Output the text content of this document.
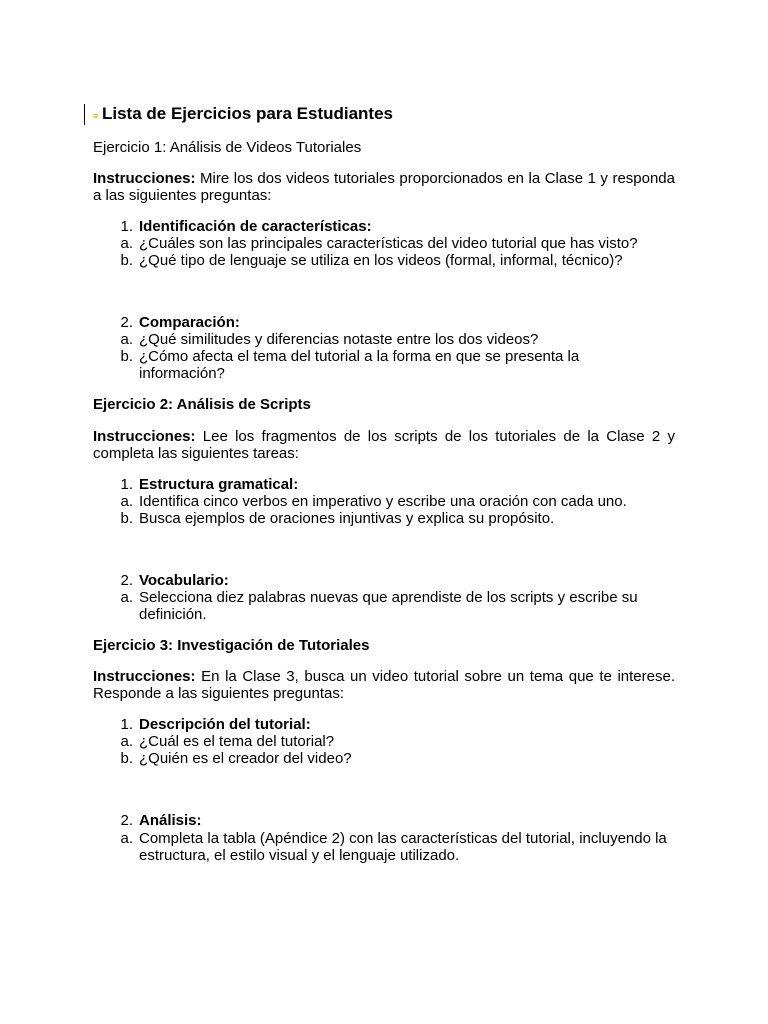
≡ Lista de Ejercicios para Estudiantes
Ejercicio 1: Análisis de Videos Tutoriales
Instrucciones: Mire los dos videos tutoriales proporcionados en la Clase 1 y responda a las siguientes preguntas:
1. Identificación de características:
a. ¿Cuáles son las principales características del video tutorial que has visto?
b. ¿Qué tipo de lenguaje se utiliza en los videos (formal, informal, técnico)?
2. Comparación:
a. ¿Qué similitudes y diferencias notaste entre los dos videos?
b. ¿Cómo afecta el tema del tutorial a la forma en que se presenta la información?
Ejercicio 2: Análisis de Scripts
Instrucciones: Lee los fragmentos de los scripts de los tutoriales de la Clase 2 y completa las siguientes tareas:
1. Estructura gramatical:
a. Identifica cinco verbos en imperativo y escribe una oración con cada uno.
b. Busca ejemplos de oraciones injuntivas y explica su propósito.
2. Vocabulario:
a. Selecciona diez palabras nuevas que aprendiste de los scripts y escribe su definición.
Ejercicio 3: Investigación de Tutoriales
Instrucciones: En la Clase 3, busca un video tutorial sobre un tema que te interese. Responde a las siguientes preguntas:
1. Descripción del tutorial:
a. ¿Cuál es el tema del tutorial?
b. ¿Quién es el creador del video?
2. Análisis:
a. Completa la tabla (Apéndice 2) con las características del tutorial, incluyendo la estructura, el estilo visual y el lenguaje utilizado.
